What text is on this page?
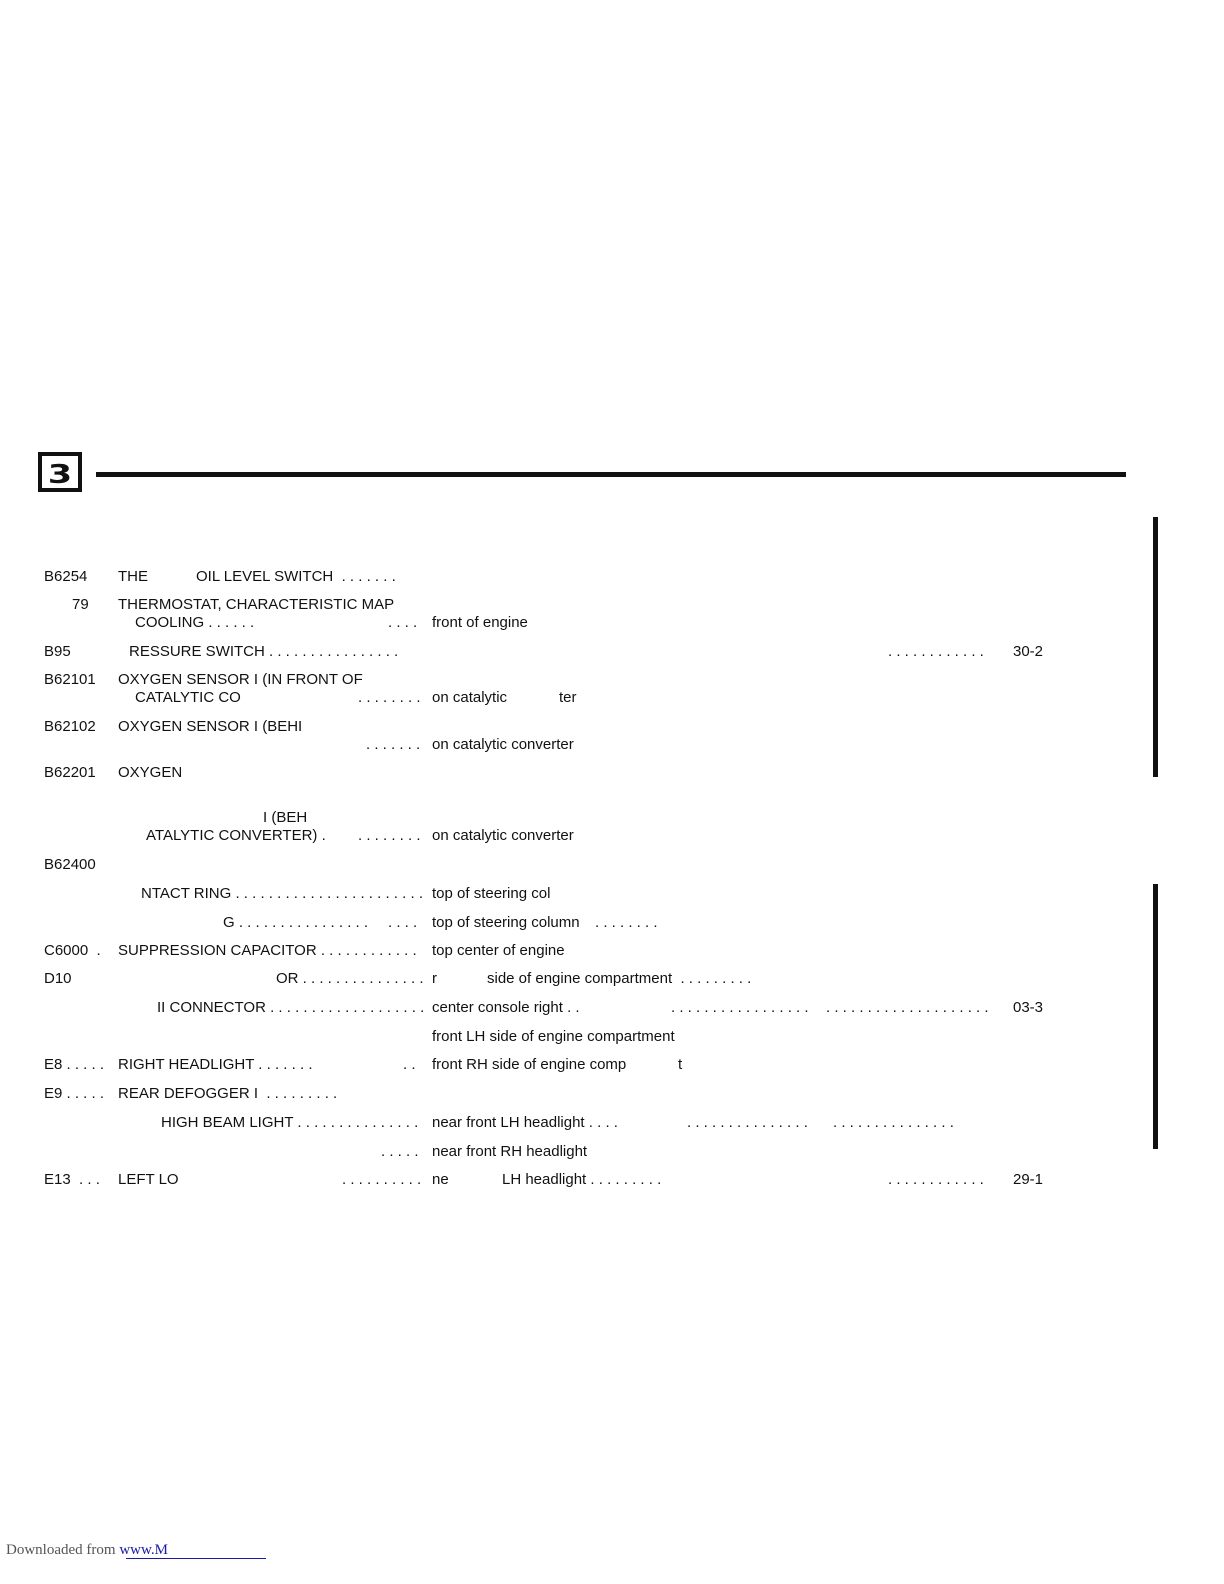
3
B6254 THE	OIL LEVEL SWITCH  . . . . . . .
79 THERMOSTAT, CHARACTERISTIC MAP
COOLING . . . . . .	. . . . front of engine
B95	RESSURE SWITCH . . . . . . . . . . . . . . . .	. . . . . . . . . . . . 30-2
B62101 OXYGEN SENSOR I (IN FRONT OF
CATALYTIC CO	. . . . . . . . on catalytic	ter
B62102 OXYGEN SENSOR I (BEHI
. . . . . . . on catalytic converter
B62201 OXYGEN
I (BEH
ATALYTIC CONVERTER) . . . . . . . . . on catalytic converter
B62400
NTACT RING . . . . . . . . . . . . . . . . . . . . . . . top of steering col
G . . . . . . . . . . . . . . . . . . . . top of steering column . . . . . . . .
C6000  . SUPPRESSION CAPACITOR . . . . . . . . . . . . top center of engine
D10	OR . . . . . . . . . . . . . . . r	side of engine compartment  . . . . . . . . .
II CONNECTOR . . . . . . . . . . . . . . . . . . . center console right . .	. . . . . . . . . . . . . . . . . . . . . . . . . . . . . . . . . . . . . 03-3
front LH side of engine compartment
E8 . . . . . RIGHT HEADLIGHT . . . . . . .	. . front RH side of engine comp	t
E9 . . . . . REAR DEFOGGER I  . . . . . . . . .
HIGH BEAM LIGHT . . . . . . . . . . . . . . . near front LH headlight . . . .	. . . . . . . . . . . . . . . . . . . . . . . . . . . . . .
. . . . . near front RH headlight
E13  . . . LEFT LO	. . . . . . . . . . ne	LH headlight . . . . . . . . .	. . . . . . . . . . . . 29-1
Downloaded from www.M
